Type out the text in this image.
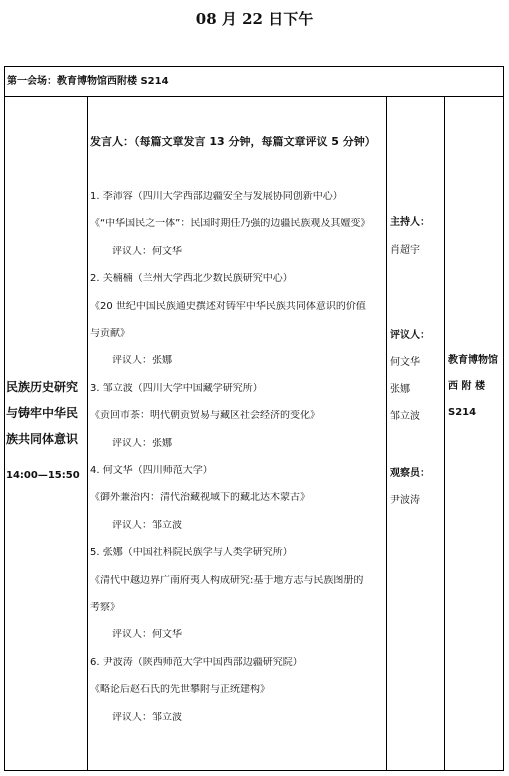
08 月 22 日下午
第一会场：教育博物馆西附楼 S214
民族历史研究
与铸牢中华民
族共同体意识
14:00—15:50
发言人：（每篇文章发言 13 分钟，每篇文章评议 5 分钟）
1. 李沛容（四川大学西部边疆安全与发展协同创新中心）
《“中华国民之一体”：民国时期任乃强的边疆民族观及其嬗变》
评议人：何文华
2. 关楠楠（兰州大学西北少数民族研究中心）
《20 世纪中国民族通史撰述对铸牢中华民族共同体意识的价值
与贡献》
评议人：张娜
3. 邹立波（四川大学中国藏学研究所）
《贡回市茶：明代朝贡贸易与藏区社会经济的变化》
评议人：张娜
4. 何文华（四川师范大学）
《御外兼治内：清代治藏视域下的藏北达木蒙古》
评议人：邹立波
5. 张娜（中国社科院民族学与人类学研究所）
《清代中越边界广南府夷人构成研究:基于地方志与民族图册的
考察》
评议人：何文华
6. 尹波涛（陕西师范大学中国西部边疆研究院）
《略论后赵石氏的先世攀附与正统建构》
评议人：邹立波
主持人：
肖超宇
评议人：
何文华
张娜
邹立波
观察员：
尹波涛
教育博物馆
西 附 楼
S214
